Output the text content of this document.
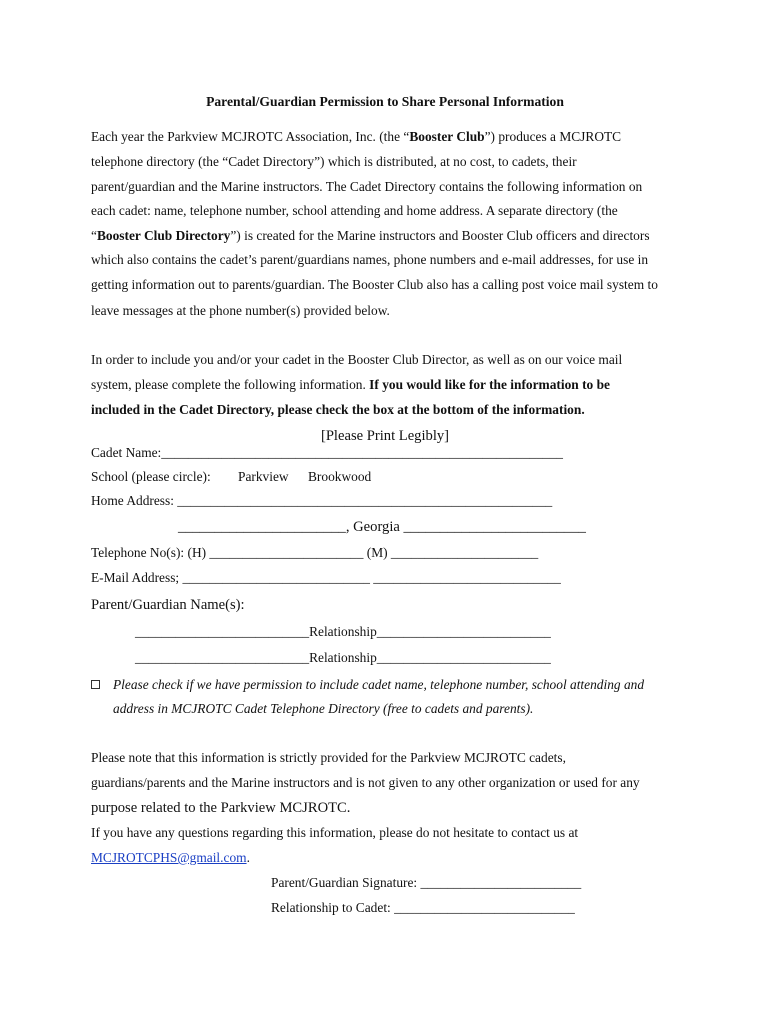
Parental/Guardian Permission to Share Personal Information
Each year the Parkview MCJROTC Association, Inc. (the “Booster Club”) produces a MCJROTC
telephone directory (the “Cadet Directory”) which is distributed, at no cost, to cadets, their
parent/guardian and the Marine instructors. The Cadet Directory contains the following information on
each cadet: name, telephone number, school attending and home address. A separate directory (the
“Booster Club Directory”) is created for the Marine instructors and Booster Club officers and directors
which also contains the cadet’s parent/guardians names, phone numbers and e-mail addresses, for use in
getting information out to parents/guardian. The Booster Club also has a calling post voice mail system to
leave messages at the phone number(s) provided below.
In order to include you and/or your cadet in the Booster Club Director, as well as on our voice mail
system, please complete the following information. If you would like for the information to be
included in the Cadet Directory, please check the box at the bottom of the information.
[Please Print Legibly]
Cadet Name:____________________________________________________________
School (please circle): Parkview Brookwood
Home Address: ________________________________________________________
_______________________, Georgia _________________________
Telephone No(s): (H) _______________________ (M) ______________________
E-Mail Address; ____________________________ ____________________________
Parent/Guardian Name(s):
__________________________Relationship__________________________
__________________________Relationship__________________________
Please check if we have permission to include cadet name, telephone number, school attending and
address in MCJROTC Cadet Telephone Directory (free to cadets and parents).
Please note that this information is strictly provided for the Parkview MCJROTC cadets,
guardians/parents and the Marine instructors and is not given to any other organization or used for any
purpose related to the Parkview MCJROTC.
If you have any questions regarding this information, please do not hesitate to contact us at
MCJROTCPHS@gmail.com.
Parent/Guardian Signature: ________________________
Relationship to Cadet: ___________________________
